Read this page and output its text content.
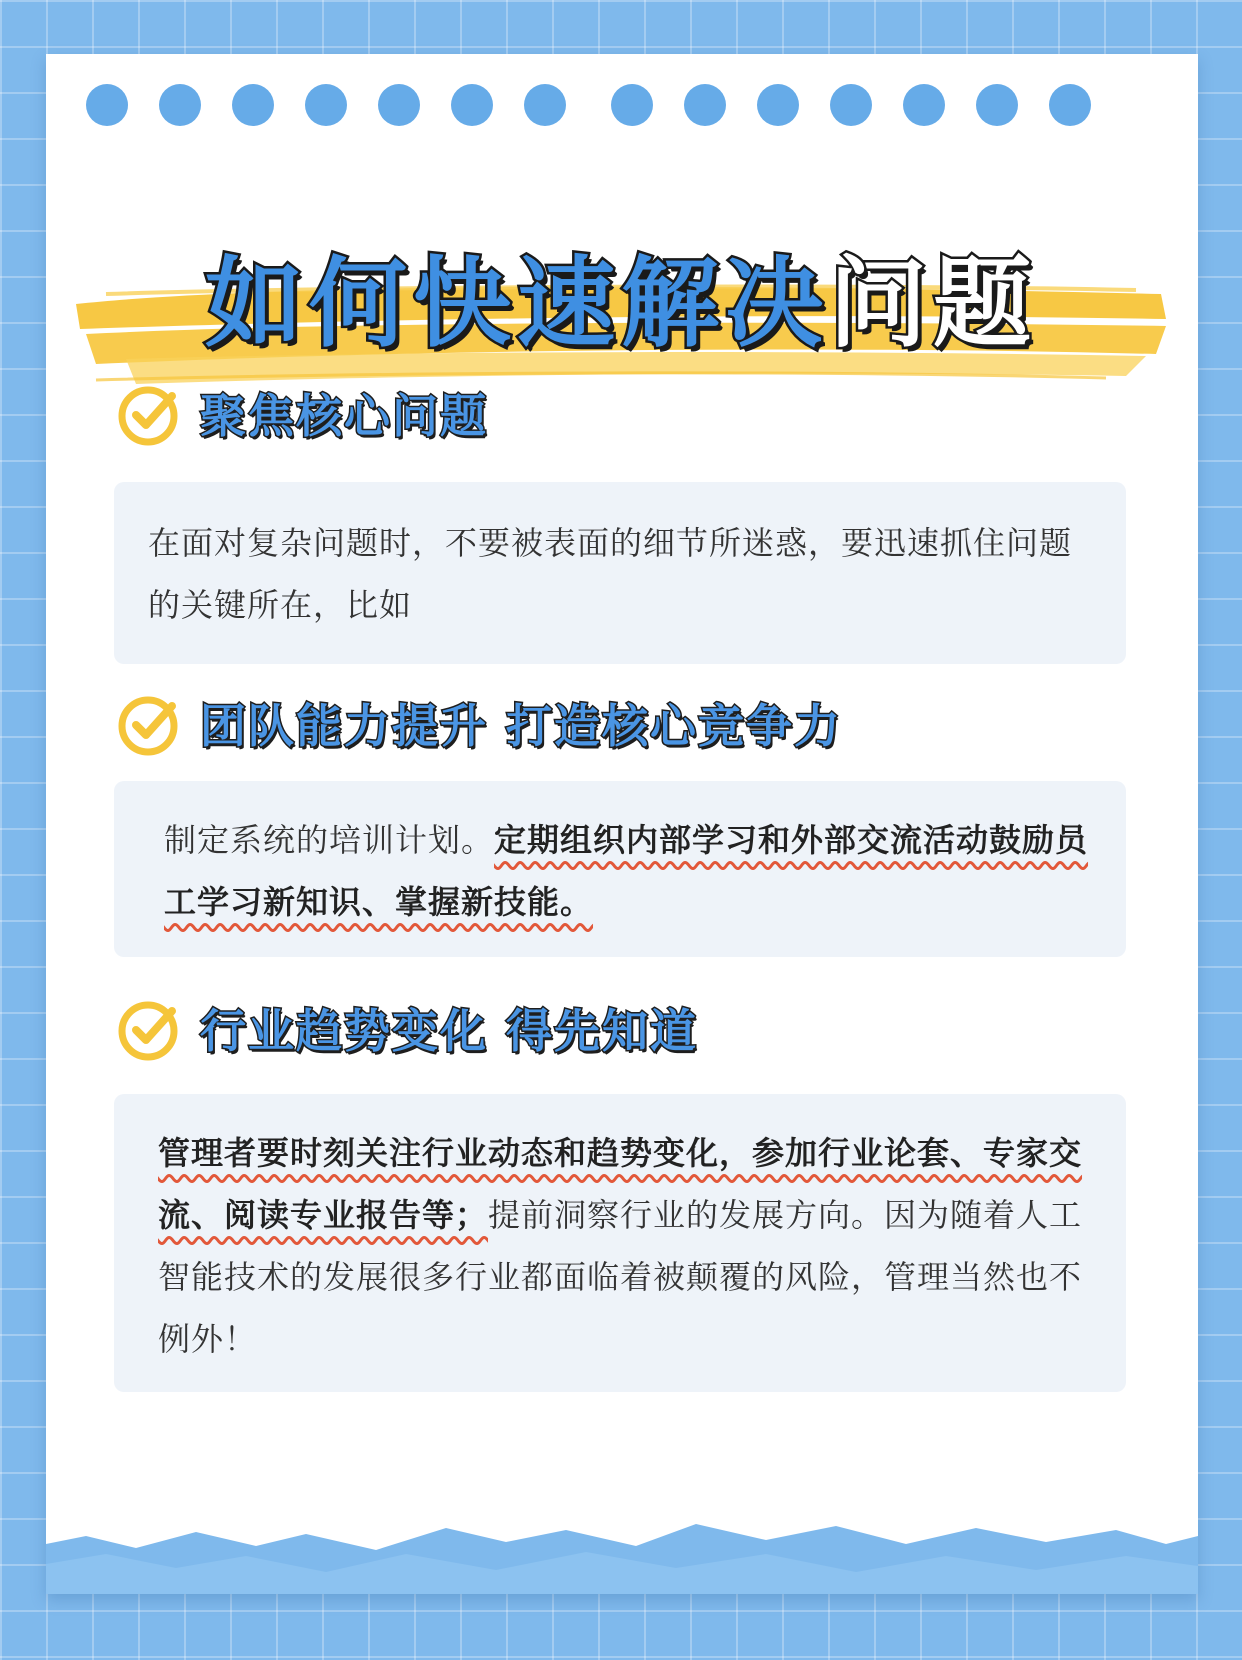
如何快速解决问题
聚焦核心问题

在面对复杂问题时，不要被表面的细节所迷惑，要迅速抓住问题的关键所在，比如

团队能力提升 打造核心竞争力

制定系统的培训计划。定期组织内部学习和外部交流活动鼓励员工学习新知识、掌握新技能。

行业趋势变化 得先知道

管理者要时刻关注行业动态和趋势变化，参加行业论套、专家交流、阅读专业报告等；提前洞察行业的发展方向。因为随着人工智能技术的发展很多行业都面临着被颠覆的风险，管理当然也不例外！
